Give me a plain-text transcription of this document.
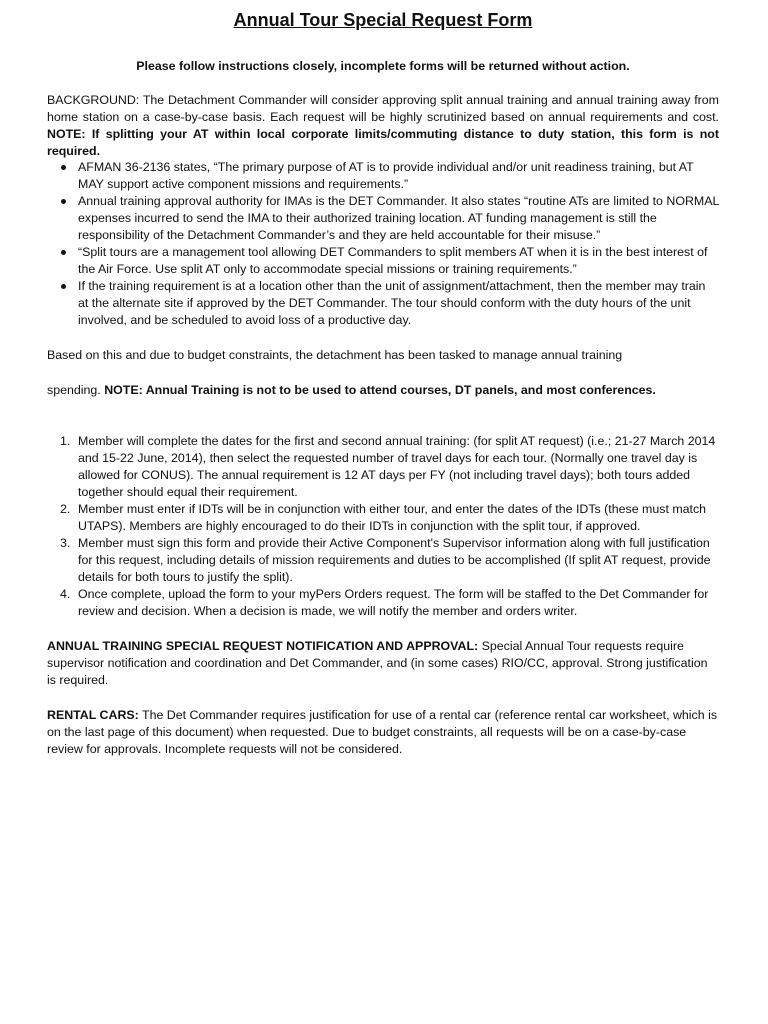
Annual Tour Special Request Form
Please follow instructions closely, incomplete forms will be returned without action.
BACKGROUND: The Detachment Commander will consider approving split annual training and annual training away from home station on a case-by-case basis. Each request will be highly scrutinized based on annual requirements and cost. NOTE: If splitting your AT within local corporate limits/commuting distance to duty station, this form is not required.
AFMAN 36-2136 states, “The primary purpose of AT is to provide individual and/or unit readiness training, but AT MAY support active component missions and requirements.”
Annual training approval authority for IMAs is the DET Commander. It also states “routine ATs are limited to NORMAL expenses incurred to send the IMA to their authorized training location. AT funding management is still the responsibility of the Detachment Commander’s and they are held accountable for their misuse.”
“Split tours are a management tool allowing DET Commanders to split members AT when it is in the best interest of the Air Force. Use split AT only to accommodate special missions or training requirements.”
If the training requirement is at a location other than the unit of assignment/attachment, then the member may train at the alternate site if approved by the DET Commander. The tour should conform with the duty hours of the unit involved, and be scheduled to avoid loss of a productive day.
Based on this and due to budget constraints, the detachment has been tasked to manage annual training
spending. NOTE: Annual Training is not to be used to attend courses, DT panels, and most conferences.
1. Member will complete the dates for the first and second annual training: (for split AT request) (i.e.; 21-27 March 2014 and 15-22 June, 2014), then select the requested number of travel days for each tour. (Normally one travel day is allowed for CONUS). The annual requirement is 12 AT days per FY (not including travel days); both tours added together should equal their requirement.
2. Member must enter if IDTs will be in conjunction with either tour, and enter the dates of the IDTs (these must match UTAPS). Members are highly encouraged to do their IDTs in conjunction with the split tour, if approved.
3. Member must sign this form and provide their Active Component's Supervisor information along with full justification for this request, including details of mission requirements and duties to be accomplished (If split AT request, provide details for both tours to justify the split).
4. Once complete, upload the form to your myPers Orders request. The form will be staffed to the Det Commander for review and decision. When a decision is made, we will notify the member and orders writer.
ANNUAL TRAINING SPECIAL REQUEST NOTIFICATION AND APPROVAL: Special Annual Tour requests require supervisor notification and coordination and Det Commander, and (in some cases) RIO/CC, approval. Strong justification is required.
RENTAL CARS: The Det Commander requires justification for use of a rental car (reference rental car worksheet, which is on the last page of this document) when requested. Due to budget constraints, all requests will be on a case-by-case review for approvals. Incomplete requests will not be considered.
